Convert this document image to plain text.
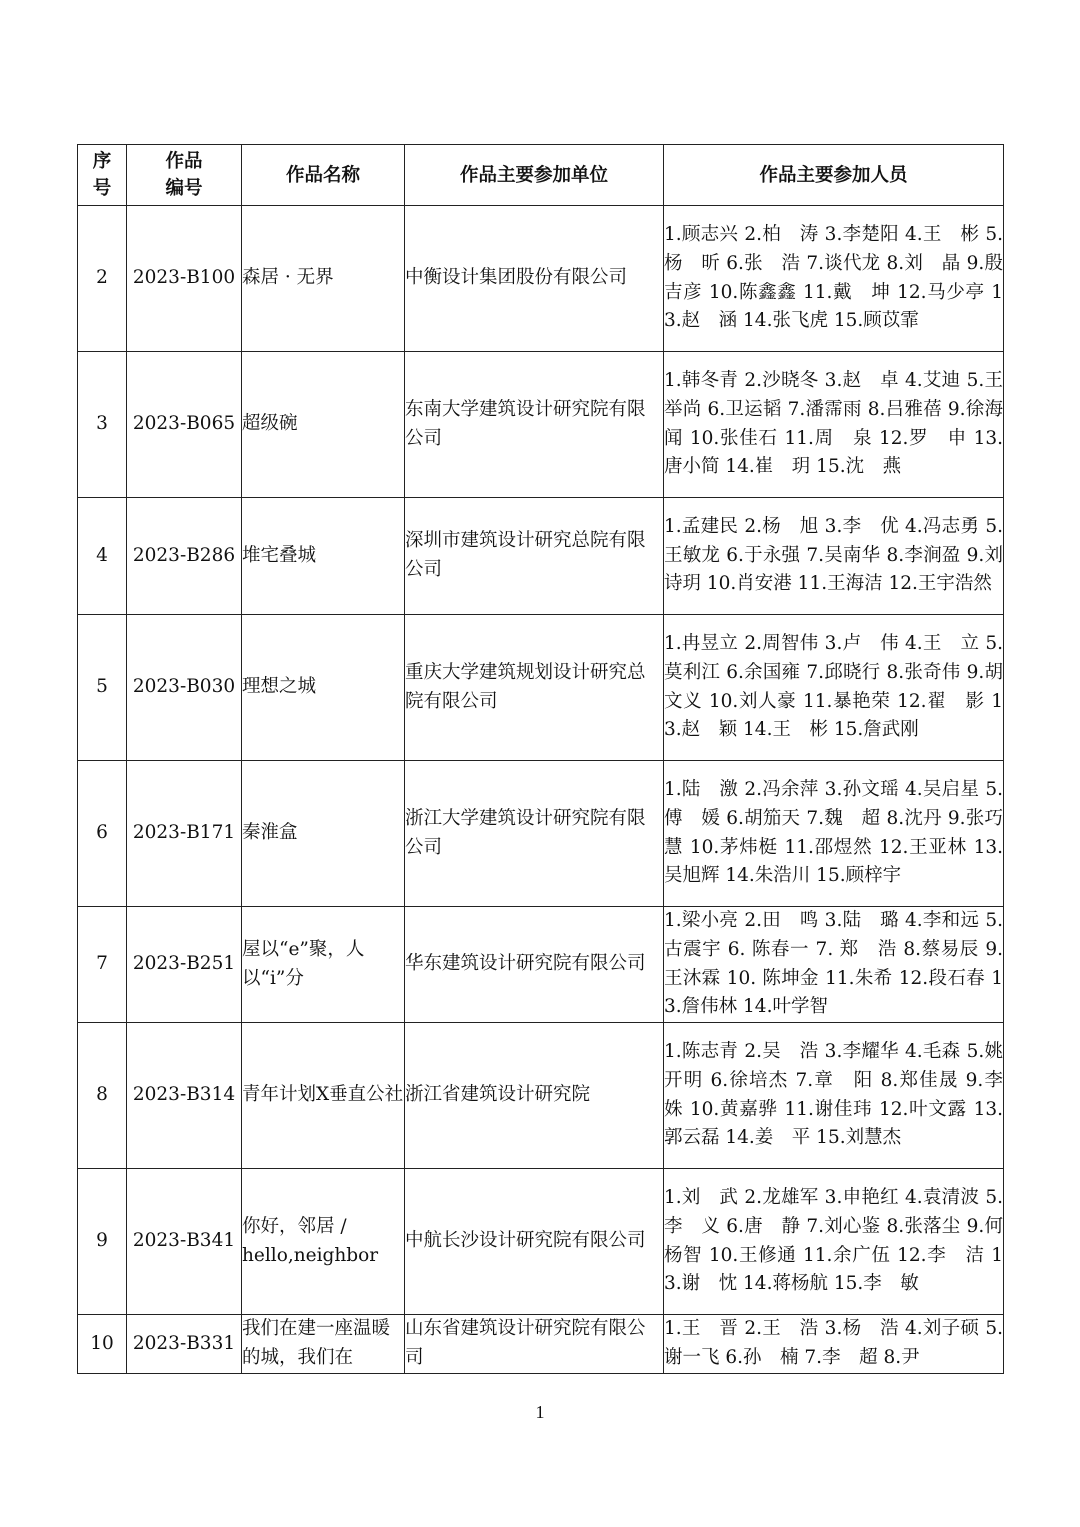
序号	作品编号	作品名称	作品主要参加单位	作品主要参加人员
2	2023-B100	森居 · 无界	中衡设计集团股份有限公司	1.顾志兴 2.柏　涛 3.李楚阳 4.王　彬 5.杨　昕 6.张　浩 7.谈代龙 8.刘　晶 9.殷吉彦 10.陈鑫鑫 11.戴　坤 12.马少亭 13.赵　涵 14.张飞虎 15.顾苡霏
3	2023-B065	超级碗	东南大学建筑设计研究院有限公司	1.韩冬青 2.沙晓冬 3.赵　卓 4.艾迪 5.王举尚 6.卫运韬 7.潘霈雨 8.吕雅蓓 9.徐海闻 10.张佳石 11.周　泉 12.罗　申 13.唐小简 14.崔　玥 15.沈　燕
4	2023-B286	堆宅叠城	深圳市建筑设计研究总院有限公司	1.孟建民 2.杨　旭 3.李　优 4.冯志勇 5.王敏龙 6.于永强 7.吴南华 8.李涧盈 9.刘诗玥 10.肖安港 11.王海洁 12.王宇浩然
5	2023-B030	理想之城	重庆大学建筑规划设计研究总院有限公司	1.冉昱立 2.周智伟 3.卢　伟 4.王　立 5.莫利江 6.余国雍 7.邱晓行 8.张奇伟 9.胡文义 10.刘人豪 11.暴艳荣 12.翟　影 13.赵　颖 14.王　彬 15.詹武刚
6	2023-B171	秦淮盒	浙江大学建筑设计研究院有限公司	1.陆　激 2.冯余萍 3.孙文瑶 4.吴启星 5.傅　媛 6.胡笳天 7.魏　超 8.沈丹 9.张巧慧 10.茅炜梃 11.邵煜然 12.王亚林 13.吴旭辉 14.朱浩川 15.顾梓宇
7	2023-B251	屋以“e”聚，人以“i”分	华东建筑设计研究院有限公司	1.梁小亮 2.田　鸣 3.陆　璐 4.李和远 5.古震宇 6. 陈春一 7. 郑　浩 8.蔡易辰 9.王沐霖 10. 陈坤金 11.朱希 12.段石春 13.詹伟林 14.叶学智
8	2023-B314	青年计划X垂直公社	浙江省建筑设计研究院	1.陈志青 2.吴　浩 3.李耀华 4.毛森 5.姚开明 6.徐培杰 7.章　阳 8.郑佳晟 9.李　姝 10.黄嘉骅 11.谢佳玮 12.叶文露 13.郭云磊 14.姜　平 15.刘慧杰
9	2023-B341	你好，邻居 / hello,neighbor	中航长沙设计研究院有限公司	1.刘　武 2.龙雄军 3.申艳红 4.袁清波 5.李　义 6.唐　静 7.刘心鉴 8.张落尘 9.何杨智 10.王修通 11.余广伍 12.李　洁 13.谢　忱 14.蒋杨航 15.李　敏
10	2023-B331	我们在建一座温暖的城，我们在	山东省建筑设计研究院有限公司	1.王　晋 2.王　浩 3.杨　浩 4.刘子硕 5.谢一飞 6.孙　楠 7.李　超 8.尹
1
